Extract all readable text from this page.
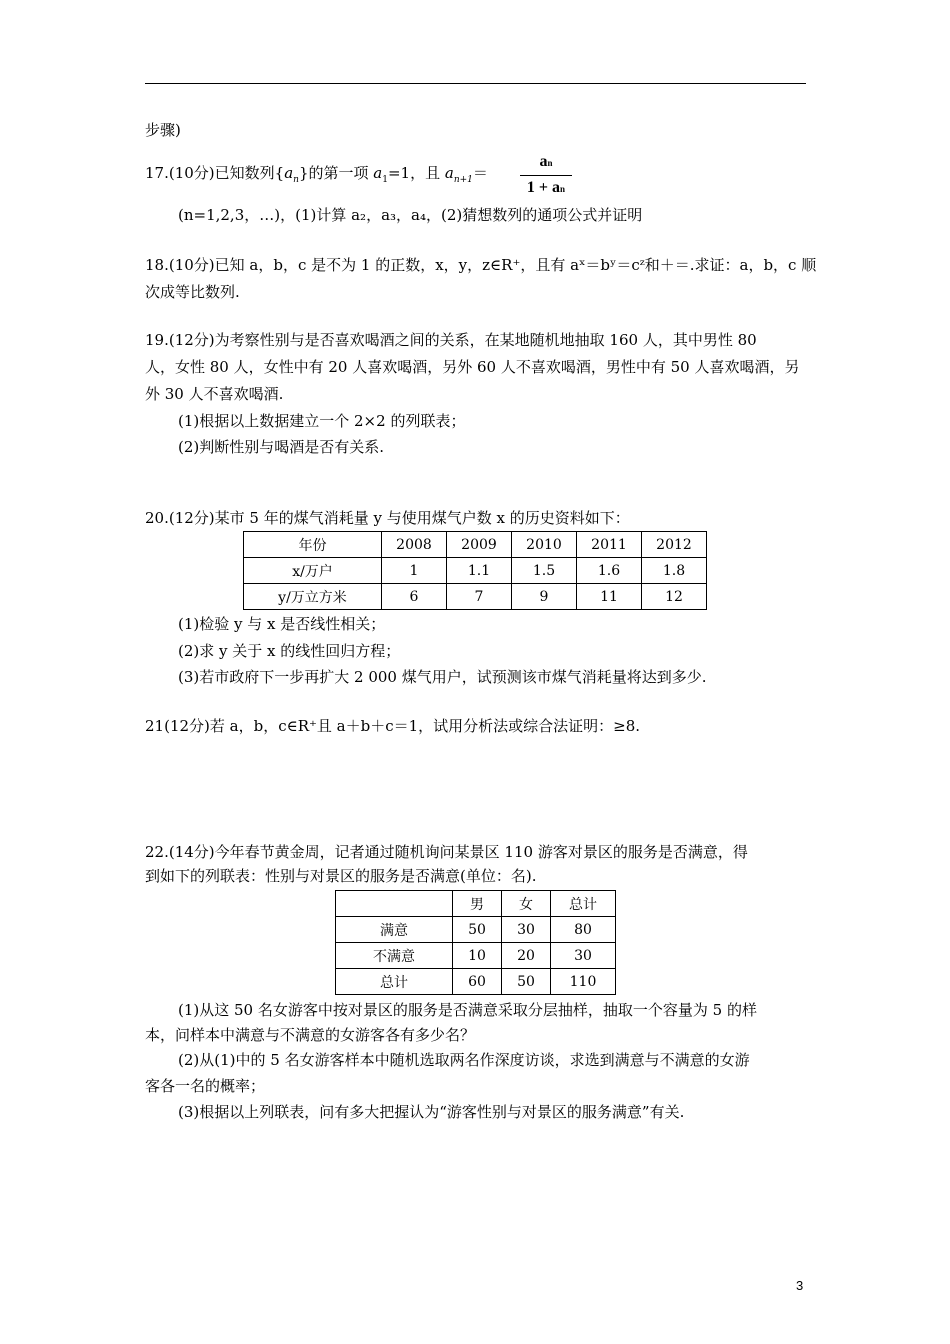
步骤)
17.(10分)已知数列$\{a_n\}$的第一项 $a_1=1$，且 $a_{n+1}=$
an
1 + an
(n=1,2,3，…)，(1)计算 a₂，a₃，a₄，(2)猜想数列的通项公式并证明
18.(10分)已知 a，b，c 是不为 1 的正数，x，y，z∈R⁺，且有 aˣ＝bʸ＝cᶻ和＋＝.求证：a，b，c 顺
次成等比数列.
19.(12分)为考察性别与是否喜欢喝酒之间的关系，在某地随机地抽取 160 人，其中男性 80
人，女性 80 人，女性中有 20 人喜欢喝酒，另外 60 人不喜欢喝酒，男性中有 50 人喜欢喝酒，另
外 30 人不喜欢喝酒.
(1)根据以上数据建立一个 2×2 的列联表；
(2)判断性别与喝酒是否有关系.
20.(12分)某市 5 年的煤气消耗量 y 与使用煤气户数 x 的历史资料如下：
年份	2008	2009	2010	2011	2012
x/万户	1	1.1	1.5	1.6	1.8
y/万立方米	6	7	9	11	12
(1)检验 y 与 x 是否线性相关；
(2)求 y 关于 x 的线性回归方程；
(3)若市政府下一步再扩大 2 000 煤气用户，试预测该市煤气消耗量将达到多少.
21(12分)若 a，b，c∈R⁺且 a＋b＋c＝1，试用分析法或综合法证明：≥8.
22.(14分)今年春节黄金周，记者通过随机询问某景区 110 游客对景区的服务是否满意，得
到如下的列联表：性别与对景区的服务是否满意(单位：名).
	男	女	总计
满意	50	30	80
不满意	10	20	30
总计	60	50	110
(1)从这 50 名女游客中按对景区的服务是否满意采取分层抽样，抽取一个容量为 5 的样
本，问样本中满意与不满意的女游客各有多少名？
(2)从(1)中的 5 名女游客样本中随机选取两名作深度访谈，求选到满意与不满意的女游
客各一名的概率；
(3)根据以上列联表，问有多大把握认为“游客性别与对景区的服务满意”有关.
3
